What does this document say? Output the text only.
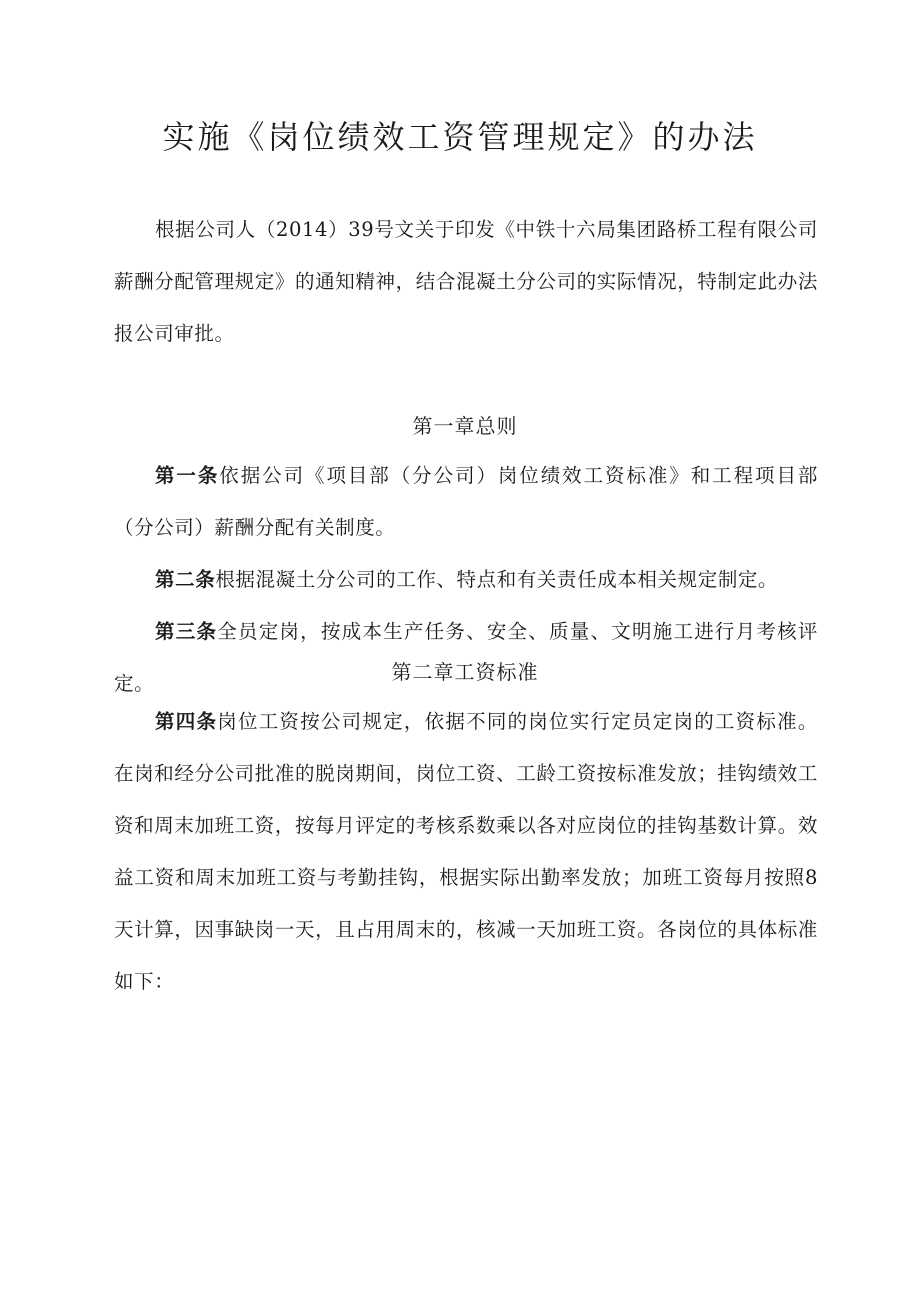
实施《岗位绩效工资管理规定》的办法

根据公司人（2014）39号文关于印发《中铁十六局集团路桥工程有限公司薪酬分配管理规定》的通知精神，结合混凝土分公司的实际情况，特制定此办法报公司审批。

第一章总则

第一条依据公司《项目部（分公司）岗位绩效工资标准》和工程项目部（分公司）薪酬分配有关制度。

第二条根据混凝土分公司的工作、特点和有关责任成本相关规定制定。

第三条全员定岗，按成本生产任务、安全、质量、文明施工进行月考核评定。	第二章工资标准

第四条岗位工资按公司规定，依据不同的岗位实行定员定岗的工资标准。在岗和经分公司批准的脱岗期间，岗位工资、工龄工资按标准发放；挂钩绩效工资和周末加班工资，按每月评定的考核系数乘以各对应岗位的挂钩基数计算。效益工资和周末加班工资与考勤挂钩，根据实际出勤率发放；加班工资每月按照8天计算，因事缺岗一天，且占用周末的，核减一天加班工资。各岗位的具体标准如下：
